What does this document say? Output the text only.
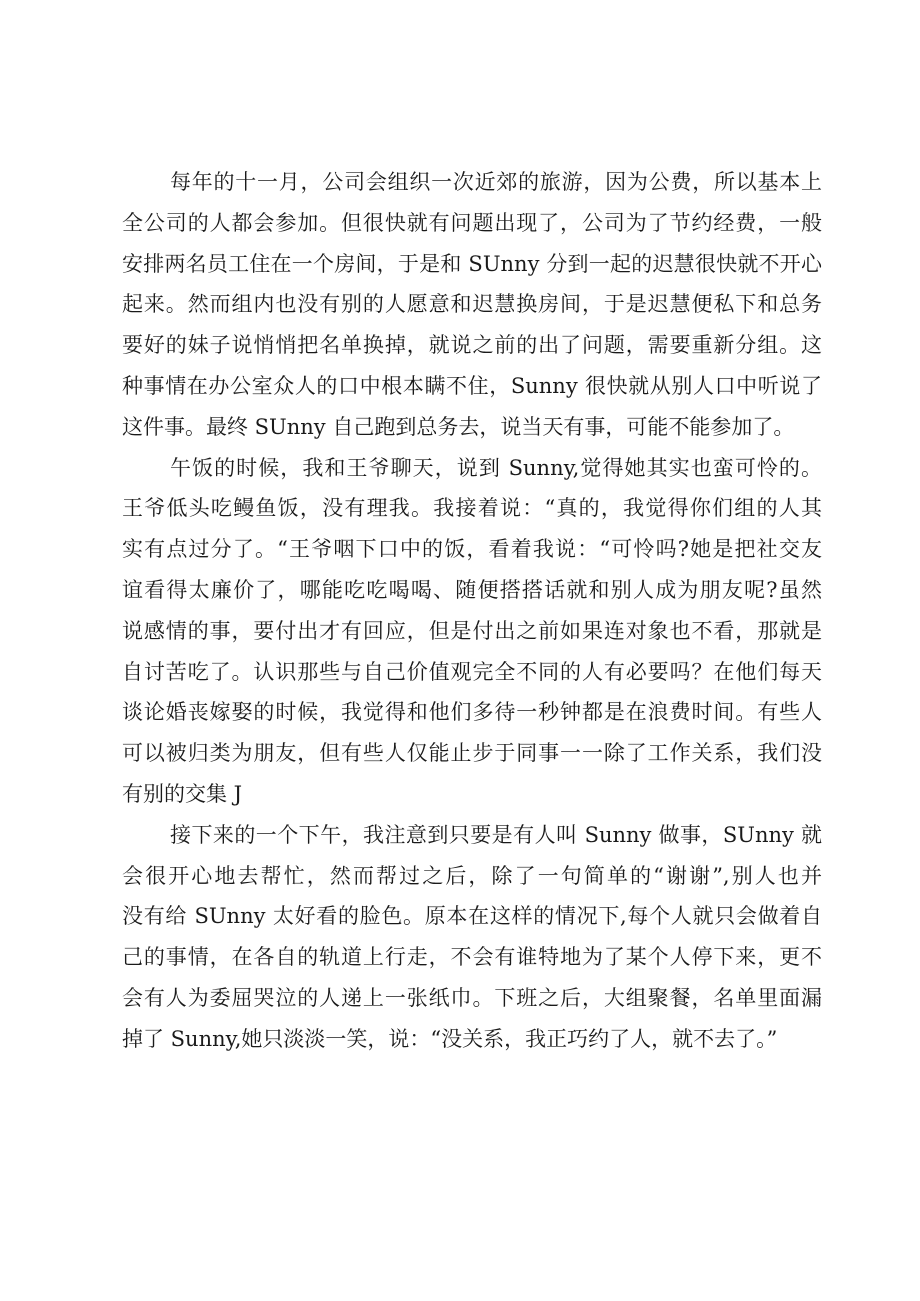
每年的十一月，公司会组织一次近郊的旅游，因为公费，所以基本上
全公司的人都会参加。但很快就有问题出现了，公司为了节约经费，一般
安排两名员工住在一个房间，于是和 SUnny 分到一起的迟慧很快就不开心
起来。然而组内也没有别的人愿意和迟慧换房间，于是迟慧便私下和总务
要好的妹子说悄悄把名单换掉，就说之前的出了问题，需要重新分组。这
种事情在办公室众人的口中根本瞒不住，Sunny 很快就从别人口中听说了
这件事。最终 SUnny 自己跑到总务去，说当天有事，可能不能参加了。
午饭的时候，我和王爷聊天，说到 Sunny,觉得她其实也蛮可怜的。
王爷低头吃鳗鱼饭，没有理我。我接着说：“真的，我觉得你们组的人其
实有点过分了。“王爷咽下口中的饭，看着我说：“可怜吗?她是把社交友
谊看得太廉价了，哪能吃吃喝喝、随便搭搭话就和别人成为朋友呢?虽然
说感情的事，要付出才有回应，但是付出之前如果连对象也不看，那就是
自讨苦吃了。认识那些与自己价值观完全不同的人有必要吗？在他们每天
谈论婚丧嫁娶的时候，我觉得和他们多待一秒钟都是在浪费时间。有些人
可以被归类为朋友，但有些人仅能止步于同事一一除了工作关系，我们没
有别的交集 J
接下来的一个下午，我注意到只要是有人叫 Sunny 做事，SUnny 就
会很开心地去帮忙，然而帮过之后，除了一句简单的“谢谢”,别人也并
没有给 SUnny 太好看的脸色。原本在这样的情况下,每个人就只会做着自
己的事情，在各自的轨道上行走，不会有谁特地为了某个人停下来，更不
会有人为委屈哭泣的人递上一张纸巾。下班之后，大组聚餐，名单里面漏
掉了 Sunny,她只淡淡一笑，说：“没关系，我正巧约了人，就不去了。”
